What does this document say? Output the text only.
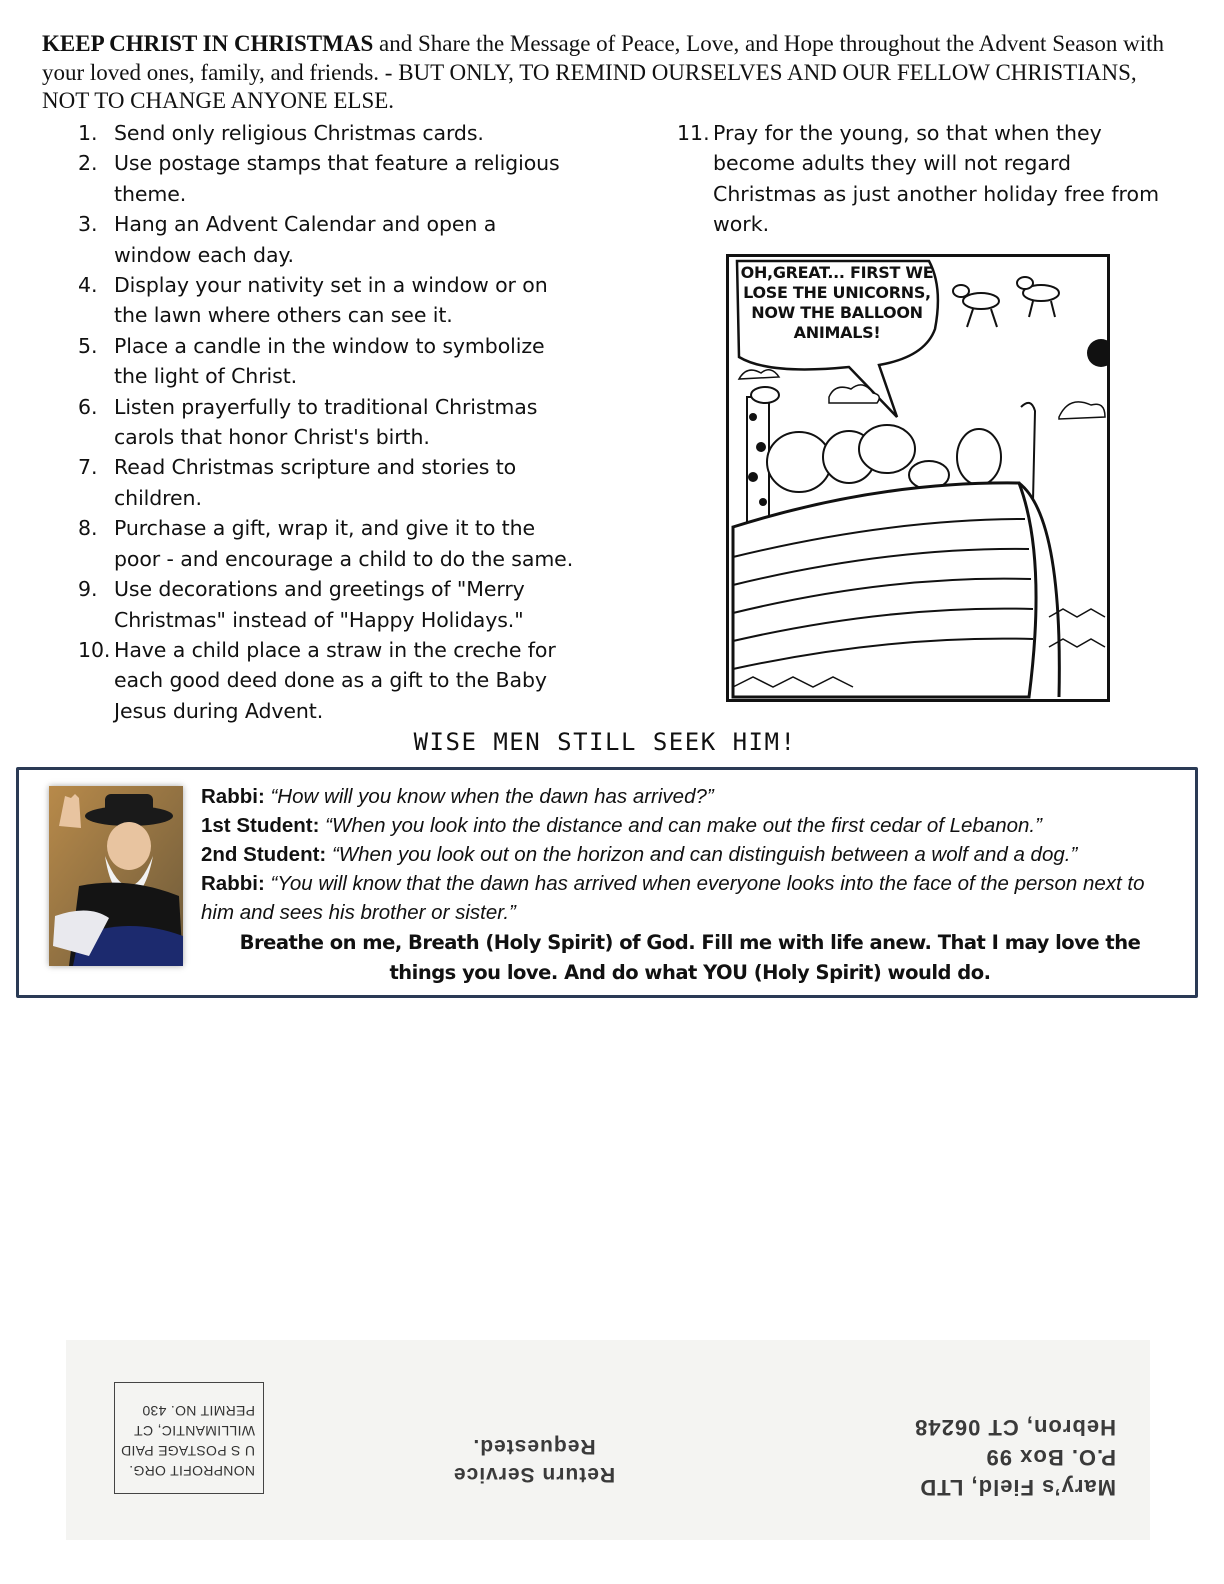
KEEP CHRIST IN CHRISTMAS and Share the Message of Peace, Love, and Hope throughout the Advent Season with your loved ones, family, and friends. - BUT ONLY, TO REMIND OURSELVES AND OUR FELLOW CHRISTIANS, NOT TO CHANGE ANYONE ELSE.
1. Send only religious Christmas cards.
2. Use postage stamps that feature a religious theme.
3. Hang an Advent Calendar and open a window each day.
4. Display your nativity set in a window or on the lawn where others can see it.
5. Place a candle in the window to symbolize the light of Christ.
6. Listen prayerfully to traditional Christmas carols that honor Christ's birth.
7. Read Christmas scripture and stories to children.
8. Purchase a gift, wrap it, and give it to the poor - and encourage a child to do the same.
9. Use decorations and greetings of "Merry Christmas" instead of "Happy Holidays."
10. Have a child place a straw in the creche for each good deed done as a gift to the Baby Jesus during Advent.
11. Pray for the young, so that when they become adults they will not regard Christmas as just another holiday free from work.
OH,GREAT... FIRST WE LOSE THE UNICORNS, NOW THE BALLOON ANIMALS!
WISE MEN STILL SEEK HIM!
Rabbi: “How will you know when the dawn has arrived?”
1st Student: “When you look into the distance and can make out the first cedar of Lebanon.”
2nd Student: “When you look out on the horizon and can distinguish between a wolf and a dog.”
Rabbi: “You will know that the dawn has arrived when everyone looks into the face of the person next to him and sees his brother or sister.”
Breathe on me, Breath (Holy Spirit) of God. Fill me with life anew. That I may love the things you love. And do what YOU (Holy Spirit) would do.
NONPROFIT ORG.
U S POSTAGE PAID
WILLIMANTIC, CT
PERMIT NO. 430
Return Service
Requested.
Mary’s Field, LTD
P.O. Box 99
Hebron, CT 06248
